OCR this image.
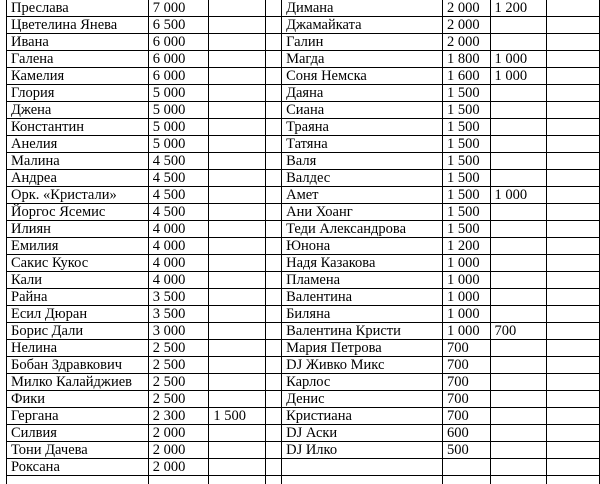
Преслава	7 000			Димана	2 000	1 200	
Цветелина Янева	6 500			Джамайката	2 000		
Ивана	6 000			Галин	2 000		
Галена	6 000			Магда	1 800	1 000	
Камелия	6 000			Соня Немска	1 600	1 000	
Глория	5 000			Даяна	1 500		
Джена	5 000			Сиана	1 500		
Константин	5 000			Траяна	1 500		
Анелия	5 000			Татяна	1 500		
Малина	4 500			Валя	1 500		
Андреа	4 500			Валдес	1 500		
Орк. «Кристали»	4 500			Амет	1 500	1 000	
Йоргос Ясемис	4 500			Ани Хоанг	1 500		
Илиян	4 000			Теди Александрова	1 500		
Емилия	4 000			Юнона	1 200		
Сакис Кукос	4 000			Надя Казакова	1 000		
Кали	4 000			Пламена	1 000		
Райна	3 500			Валентина	1 000		
Есил Дюран	3 500			Биляна	1 000		
Борис Дали	3 000			Валентина Кристи	1 000	700	
Нелина	2 500			Мария Петрова	700		
Бобан Здравкович	2 500			DJ Живко Микс	700		
Милко Калайджиев	2 500			Карлос	700		
Фики	2 500			Денис	700		
Гергана	2 300	1 500		Кристиана	700		
Силвия	2 000			DJ Аски	600		
Тони Дачева	2 000			DJ Илко	500		
Роксана	2 000						
